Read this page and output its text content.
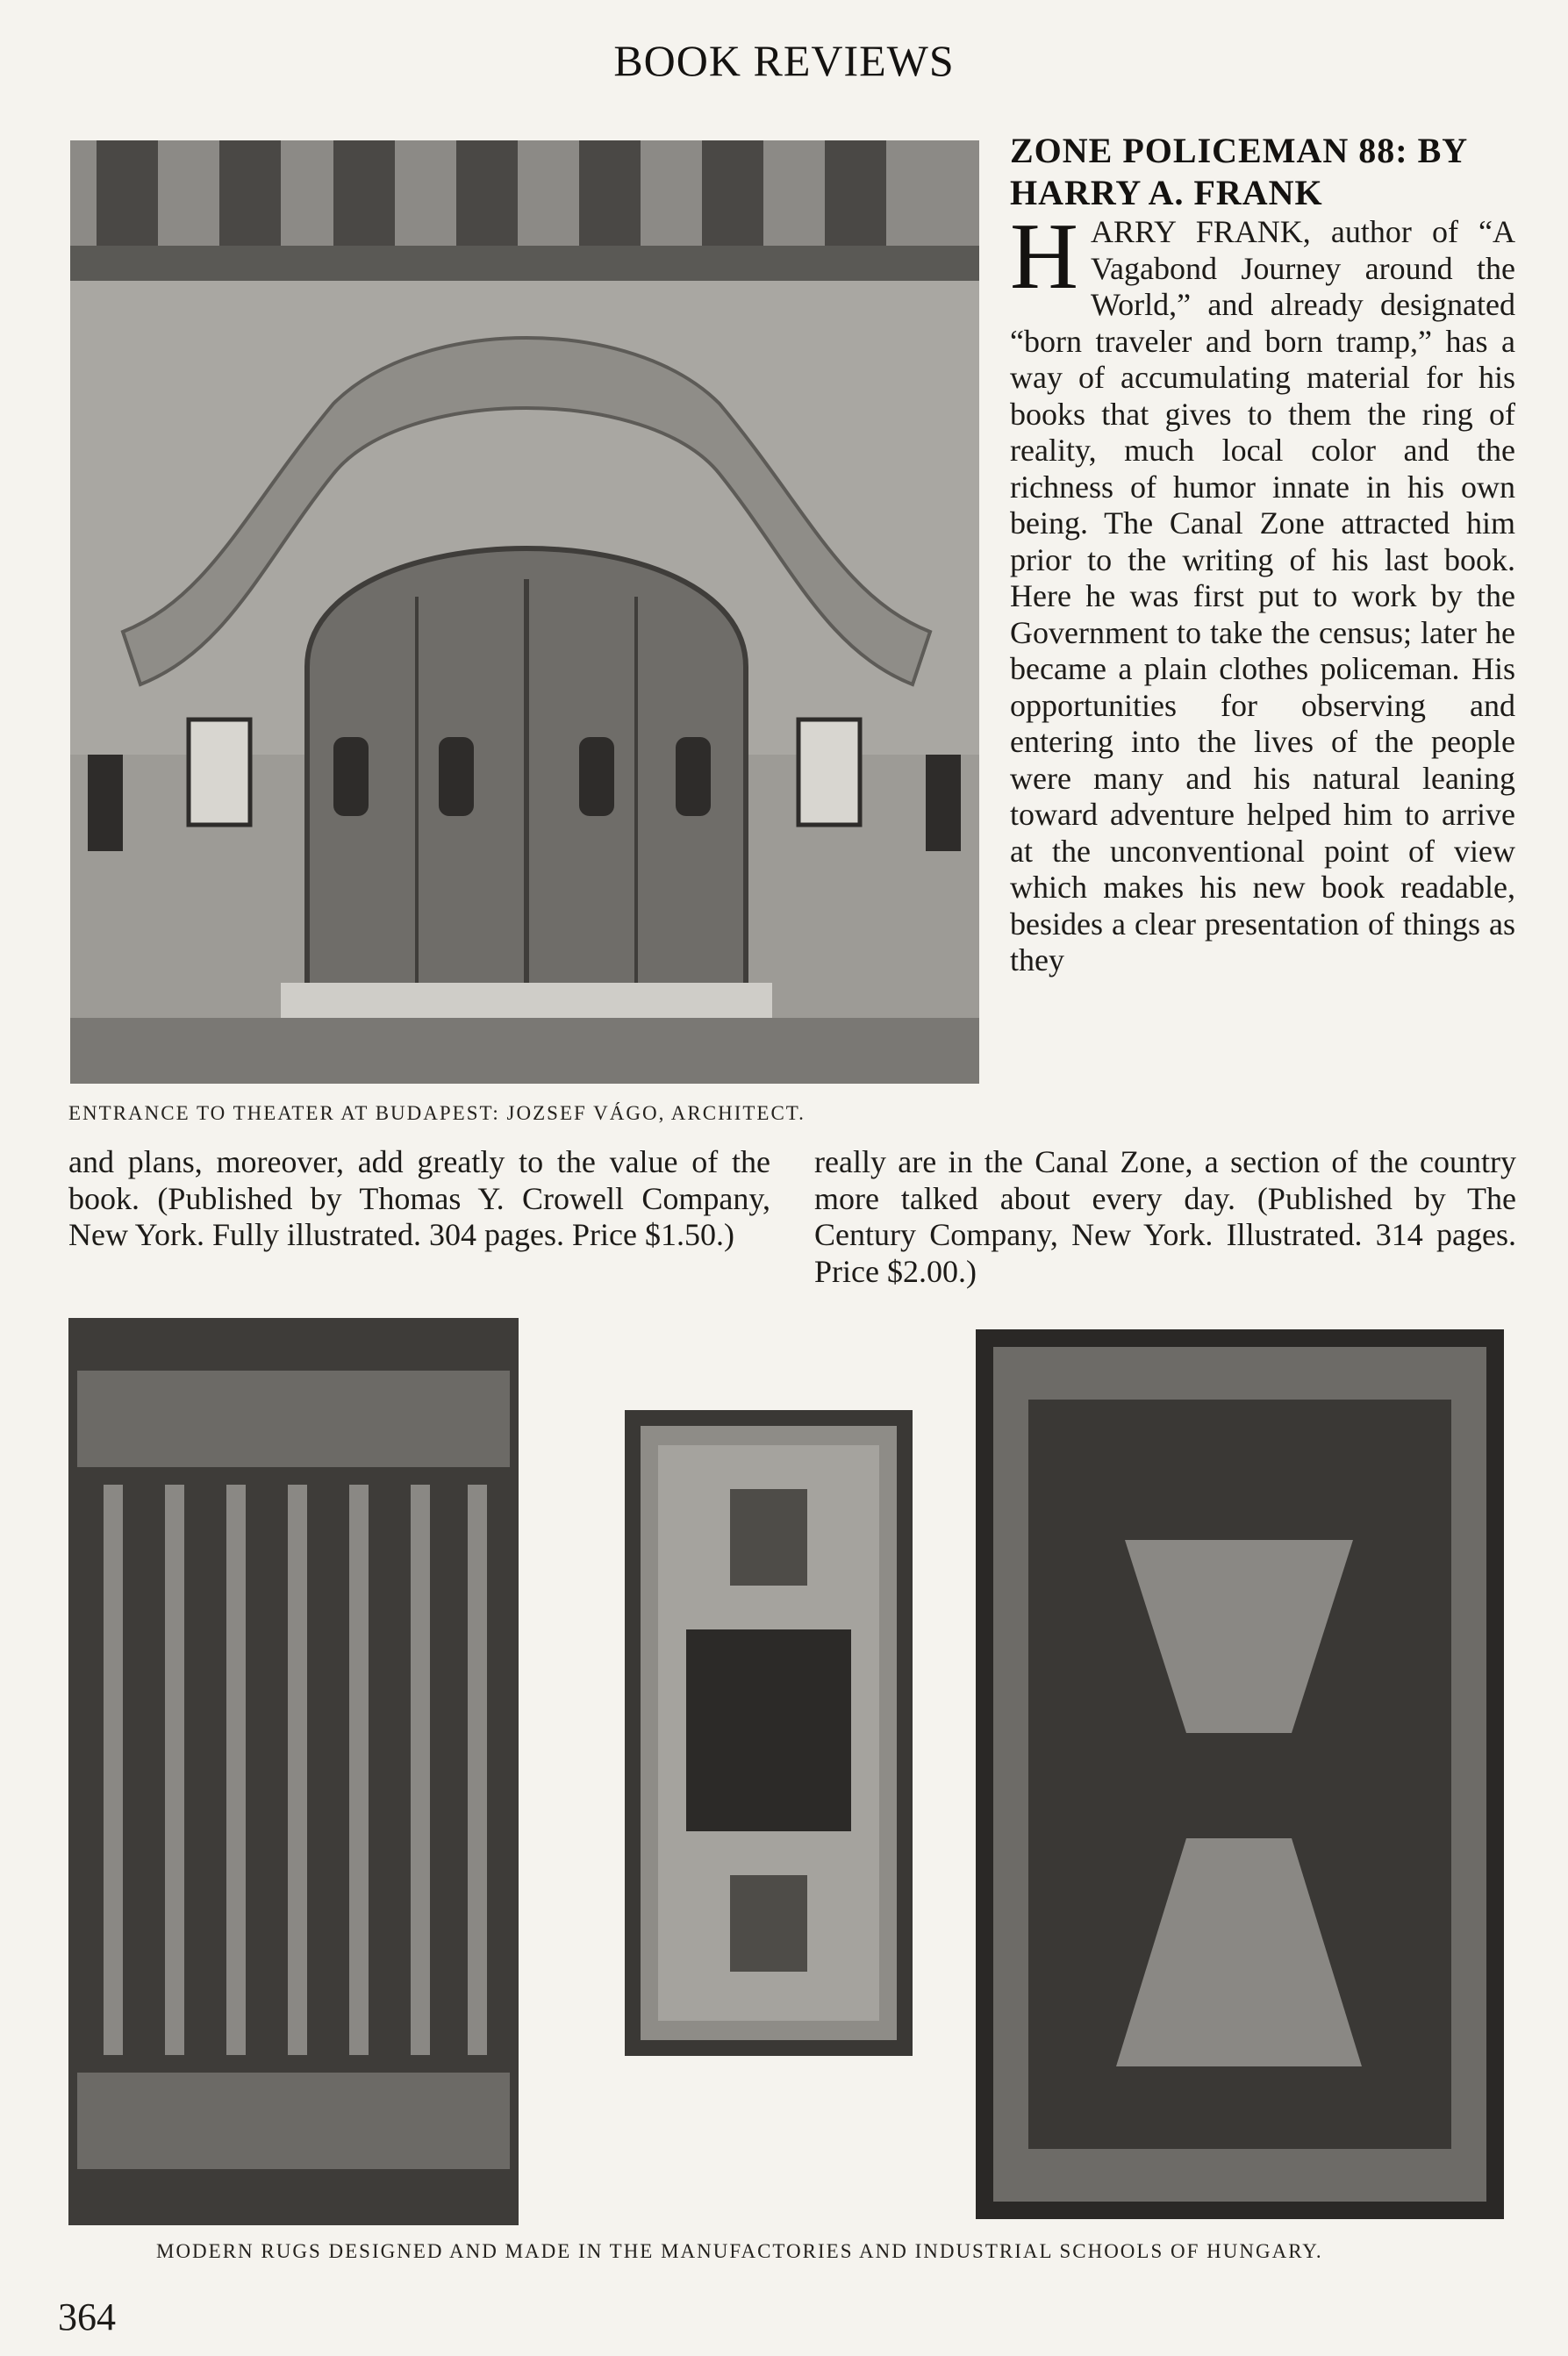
BOOK REVIEWS
ENTRANCE TO THEATER AT BUDAPEST: JOZSEF VÁGO, ARCHITECT.
ZONE POLICEMAN 88: BY HARRY A. FRANK

HARRY FRANK, author of “A Vagabond Journey around the World,” and already designated “born traveler and born tramp,” has a way of accumulating material for his books that gives to them the ring of reality, much local color and the richness of humor innate in his own being. The Canal Zone attracted him prior to the writing of his last book. Here he was first put to work by the Government to take the census; later he became a plain clothes policeman. His opportunities for observing and entering into the lives of the people were many and his natural leaning toward adventure helped him to arrive at the unconventional point of view which makes his new book readable, besides a clear presentation of things as they

and plans, moreover, add greatly to the value of the book. (Published by Thomas Y. Crowell Company, New York. Fully illustrated. 304 pages. Price $1.50.)

really are in the Canal Zone, a section of the country more talked about every day. (Published by The Century Company, New York. Illustrated. 314 pages. Price $2.00.)

MODERN RUGS DESIGNED AND MADE IN THE MANUFACTORIES AND INDUSTRIAL SCHOOLS OF HUNGARY.
364
